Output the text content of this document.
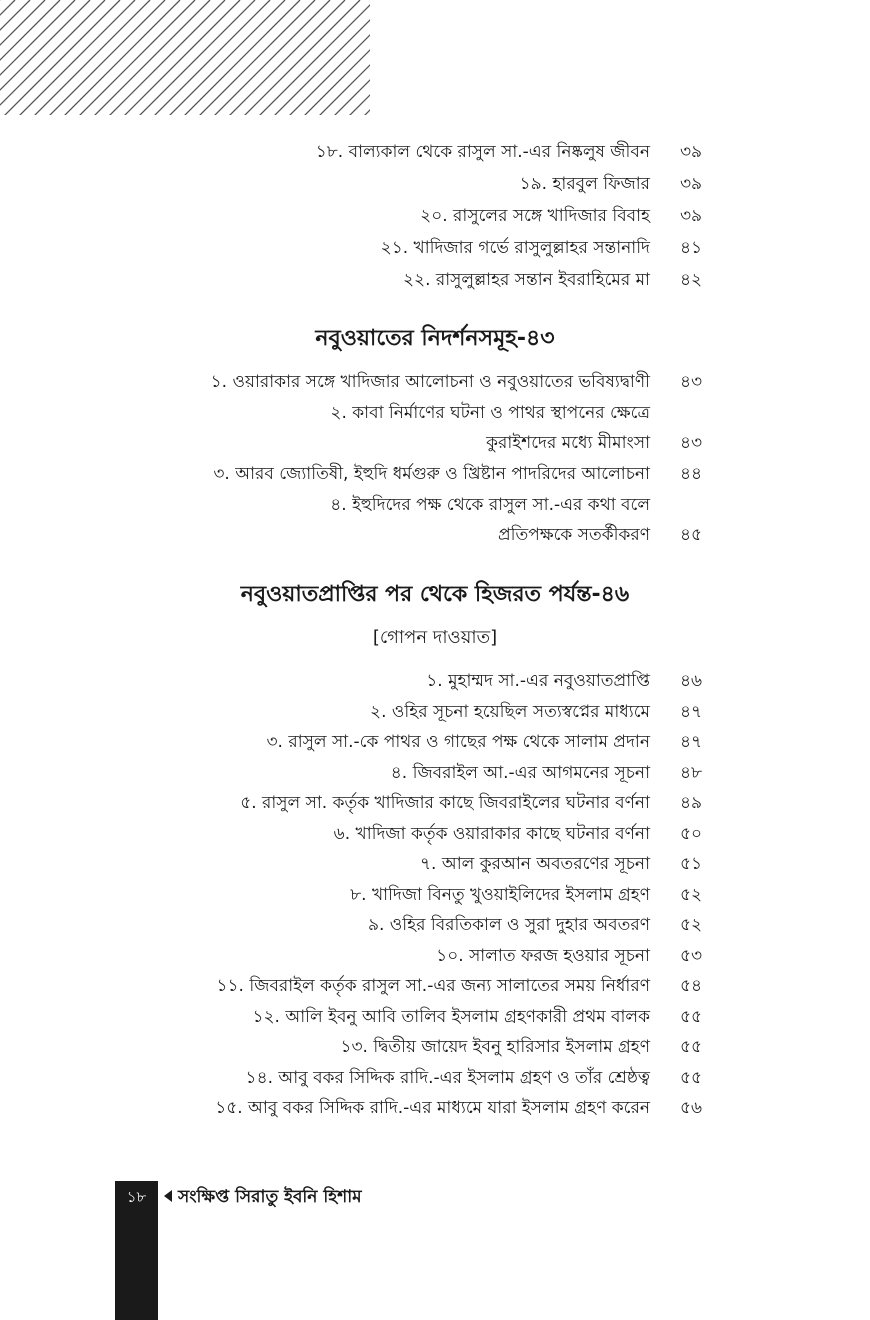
১৮. বাল্যকাল থেকে রাসুল সা.-এর নিষ্কলুষ জীবন ৩৯
১৯. হারবুল ফিজার ৩৯
২০. রাসুলের সঙ্গে খাদিজার বিবাহ ৩৯
২১. খাদিজার গর্ভে রাসুলুল্লাহর সন্তানাদি ৪১
২২. রাসুলুল্লাহর সন্তান ইবরাহিমের মা ৪২
নবুওয়াতের নিদর্শনসমূহ-৪৩
১. ওয়ারাকার সঙ্গে খাদিজার আলোচনা ও নবুওয়াতের ভবিষ্যদ্বাণী ৪৩
২. কাবা নির্মাণের ঘটনা ও পাথর স্থাপনের ক্ষেত্রে
কুরাইশদের মধ্যে মীমাংসা ৪৩
৩. আরব জ্যোতিষী, ইহুদি ধর্মগুরু ও খ্রিষ্টান পাদরিদের আলোচনা ৪৪
৪. ইহুদিদের পক্ষ থেকে রাসুল সা.-এর কথা বলে
প্রতিপক্ষকে সতর্কীকরণ ৪৫
নবুওয়াতপ্রাপ্তির পর থেকে হিজরত পর্যন্ত-৪৬
[গোপন দাওয়াত]
১. মুহাম্মদ সা.-এর নবুওয়াতপ্রাপ্তি ৪৬
২. ওহির সূচনা হয়েছিল সত্যস্বপ্নের মাধ্যমে ৪৭
৩. রাসুল সা.-কে পাথর ও গাছের পক্ষ থেকে সালাম প্রদান ৪৭
৪. জিবরাইল আ.-এর আগমনের সূচনা ৪৮
৫. রাসুল সা. কর্তৃক খাদিজার কাছে জিবরাইলের ঘটনার বর্ণনা ৪৯
৬. খাদিজা কর্তৃক ওয়ারাকার কাছে ঘটনার বর্ণনা ৫০
৭. আল কুরআন অবতরণের সূচনা ৫১
৮. খাদিজা বিনতু খুওয়াইলিদের ইসলাম গ্রহণ ৫২
৯. ওহির বিরতিকাল ও সুরা দুহার অবতরণ ৫২
১০. সালাত ফরজ হওয়ার সূচনা ৫৩
১১. জিবরাইল কর্তৃক রাসুল সা.-এর জন্য সালাতের সময় নির্ধারণ ৫৪
১২. আলি ইবনু আবি তালিব ইসলাম গ্রহণকারী প্রথম বালক ৫৫
১৩. দ্বিতীয় জায়েদ ইবনু হারিসার ইসলাম গ্রহণ ৫৫
১৪. আবু বকর সিদ্দিক রাদি.-এর ইসলাম গ্রহণ ও তাঁর শ্রেষ্ঠত্ব ৫৫
১৫. আবু বকর সিদ্দিক রাদি.-এর মাধ্যমে যারা ইসলাম গ্রহণ করেন ৫৬
১৮	সংক্ষিপ্ত সিরাতু ইবনি হিশাম
